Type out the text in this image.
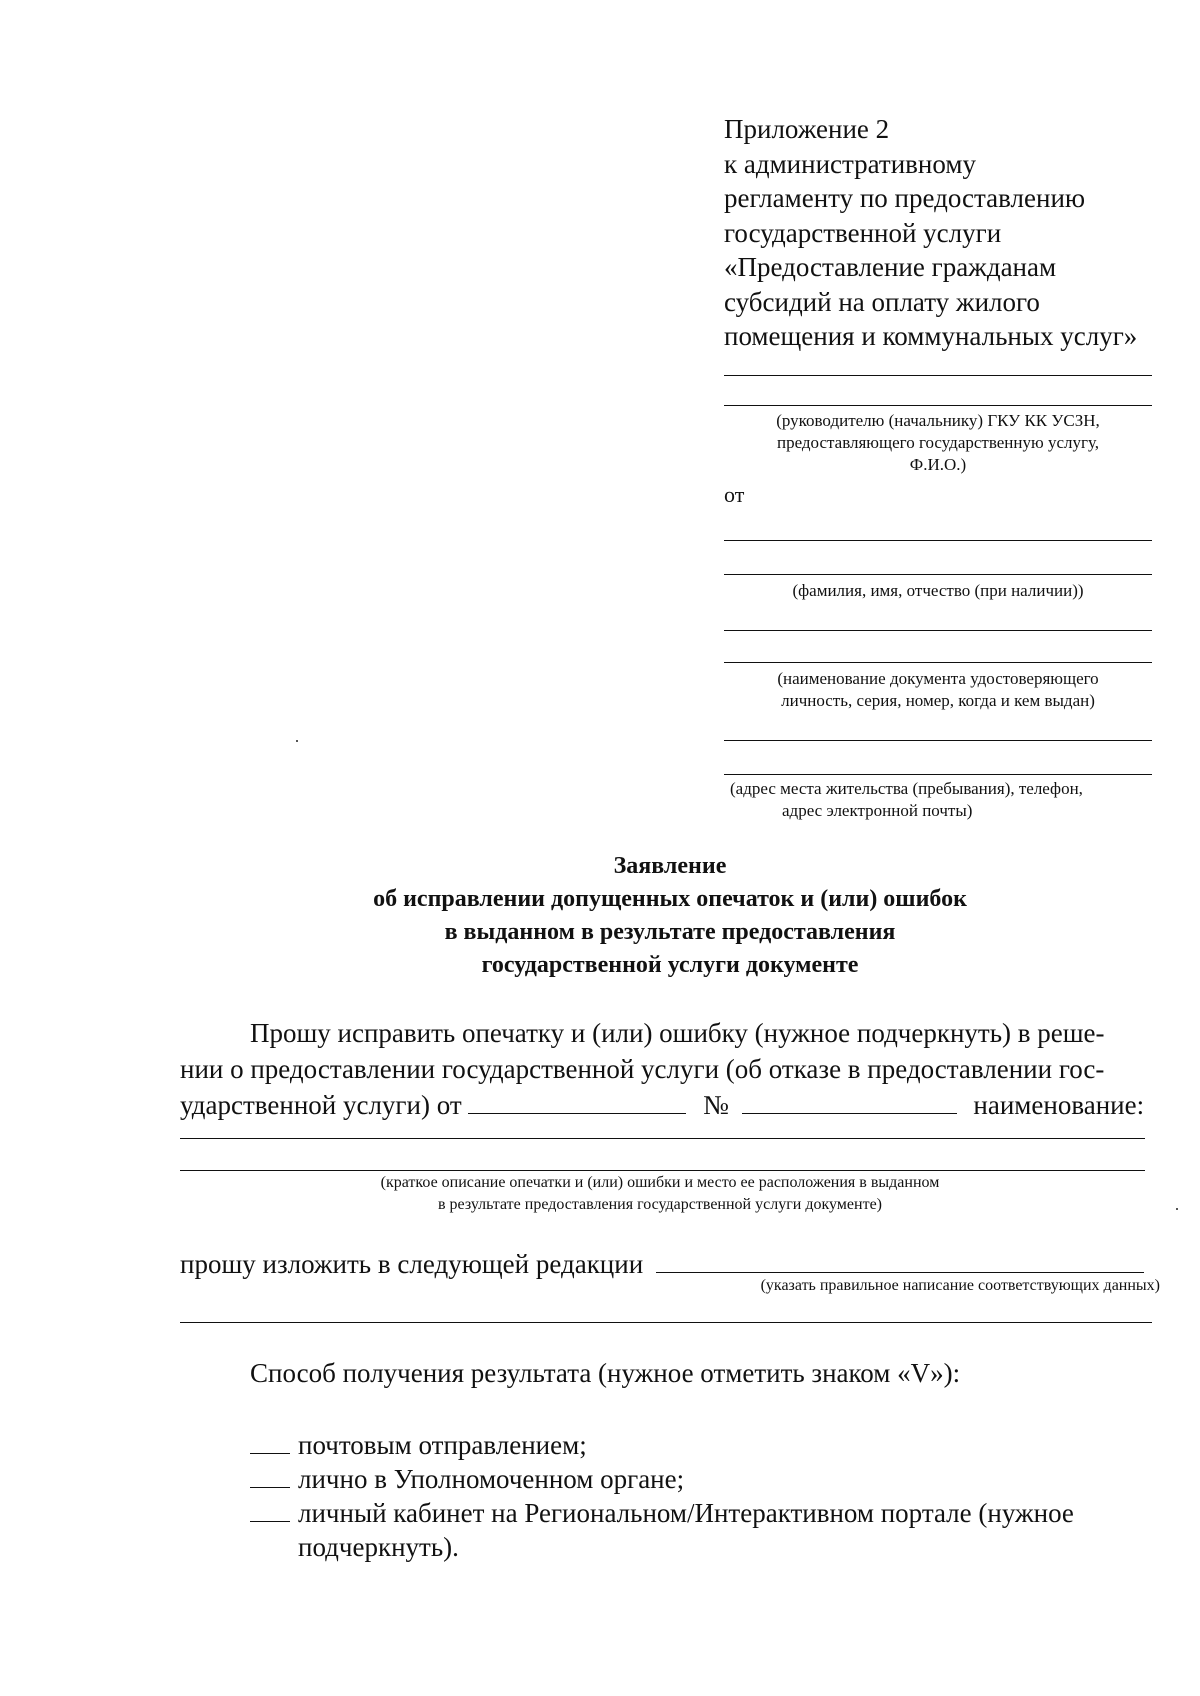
Приложение 2
к административному
регламенту по предоставлению
государственной услуги
«Предоставление гражданам
субсидий на оплату жилого
помещения и коммунальных услуг»
(руководителю (начальнику) ГКУ КК УСЗН,
предоставляющего государственную услугу,
Ф.И.О.)
от
(фамилия, имя, отчество (при наличии))
(наименование документа удостоверяющего
личность, серия, номер, когда и кем выдан)
(адрес места жительства (пребывания), телефон,
адрес электронной почты)
Заявление
об исправлении допущенных опечаток и (или) ошибок
в выданном в результате предоставления
государственной услуги документе
Прошу исправить опечатку и (или) ошибку (нужное подчеркнуть) в реше-
нии о предоставлении государственной услуги (об отказе в предоставлении гос-
ударственной услуги) от	№	наименование:
(краткое описание опечатки и (или) ошибки и место ее расположения в выданном
в результате предоставления государственной услуги документе)
прошу изложить в следующей редакции
(указать правильное написание соответствующих данных)
Способ получения результата (нужное отметить знаком «V»):
почтовым отправлением;
лично в Уполномоченном органе;
личный кабинет на Региональном/Интерактивном портале (нужное
подчеркнуть).
